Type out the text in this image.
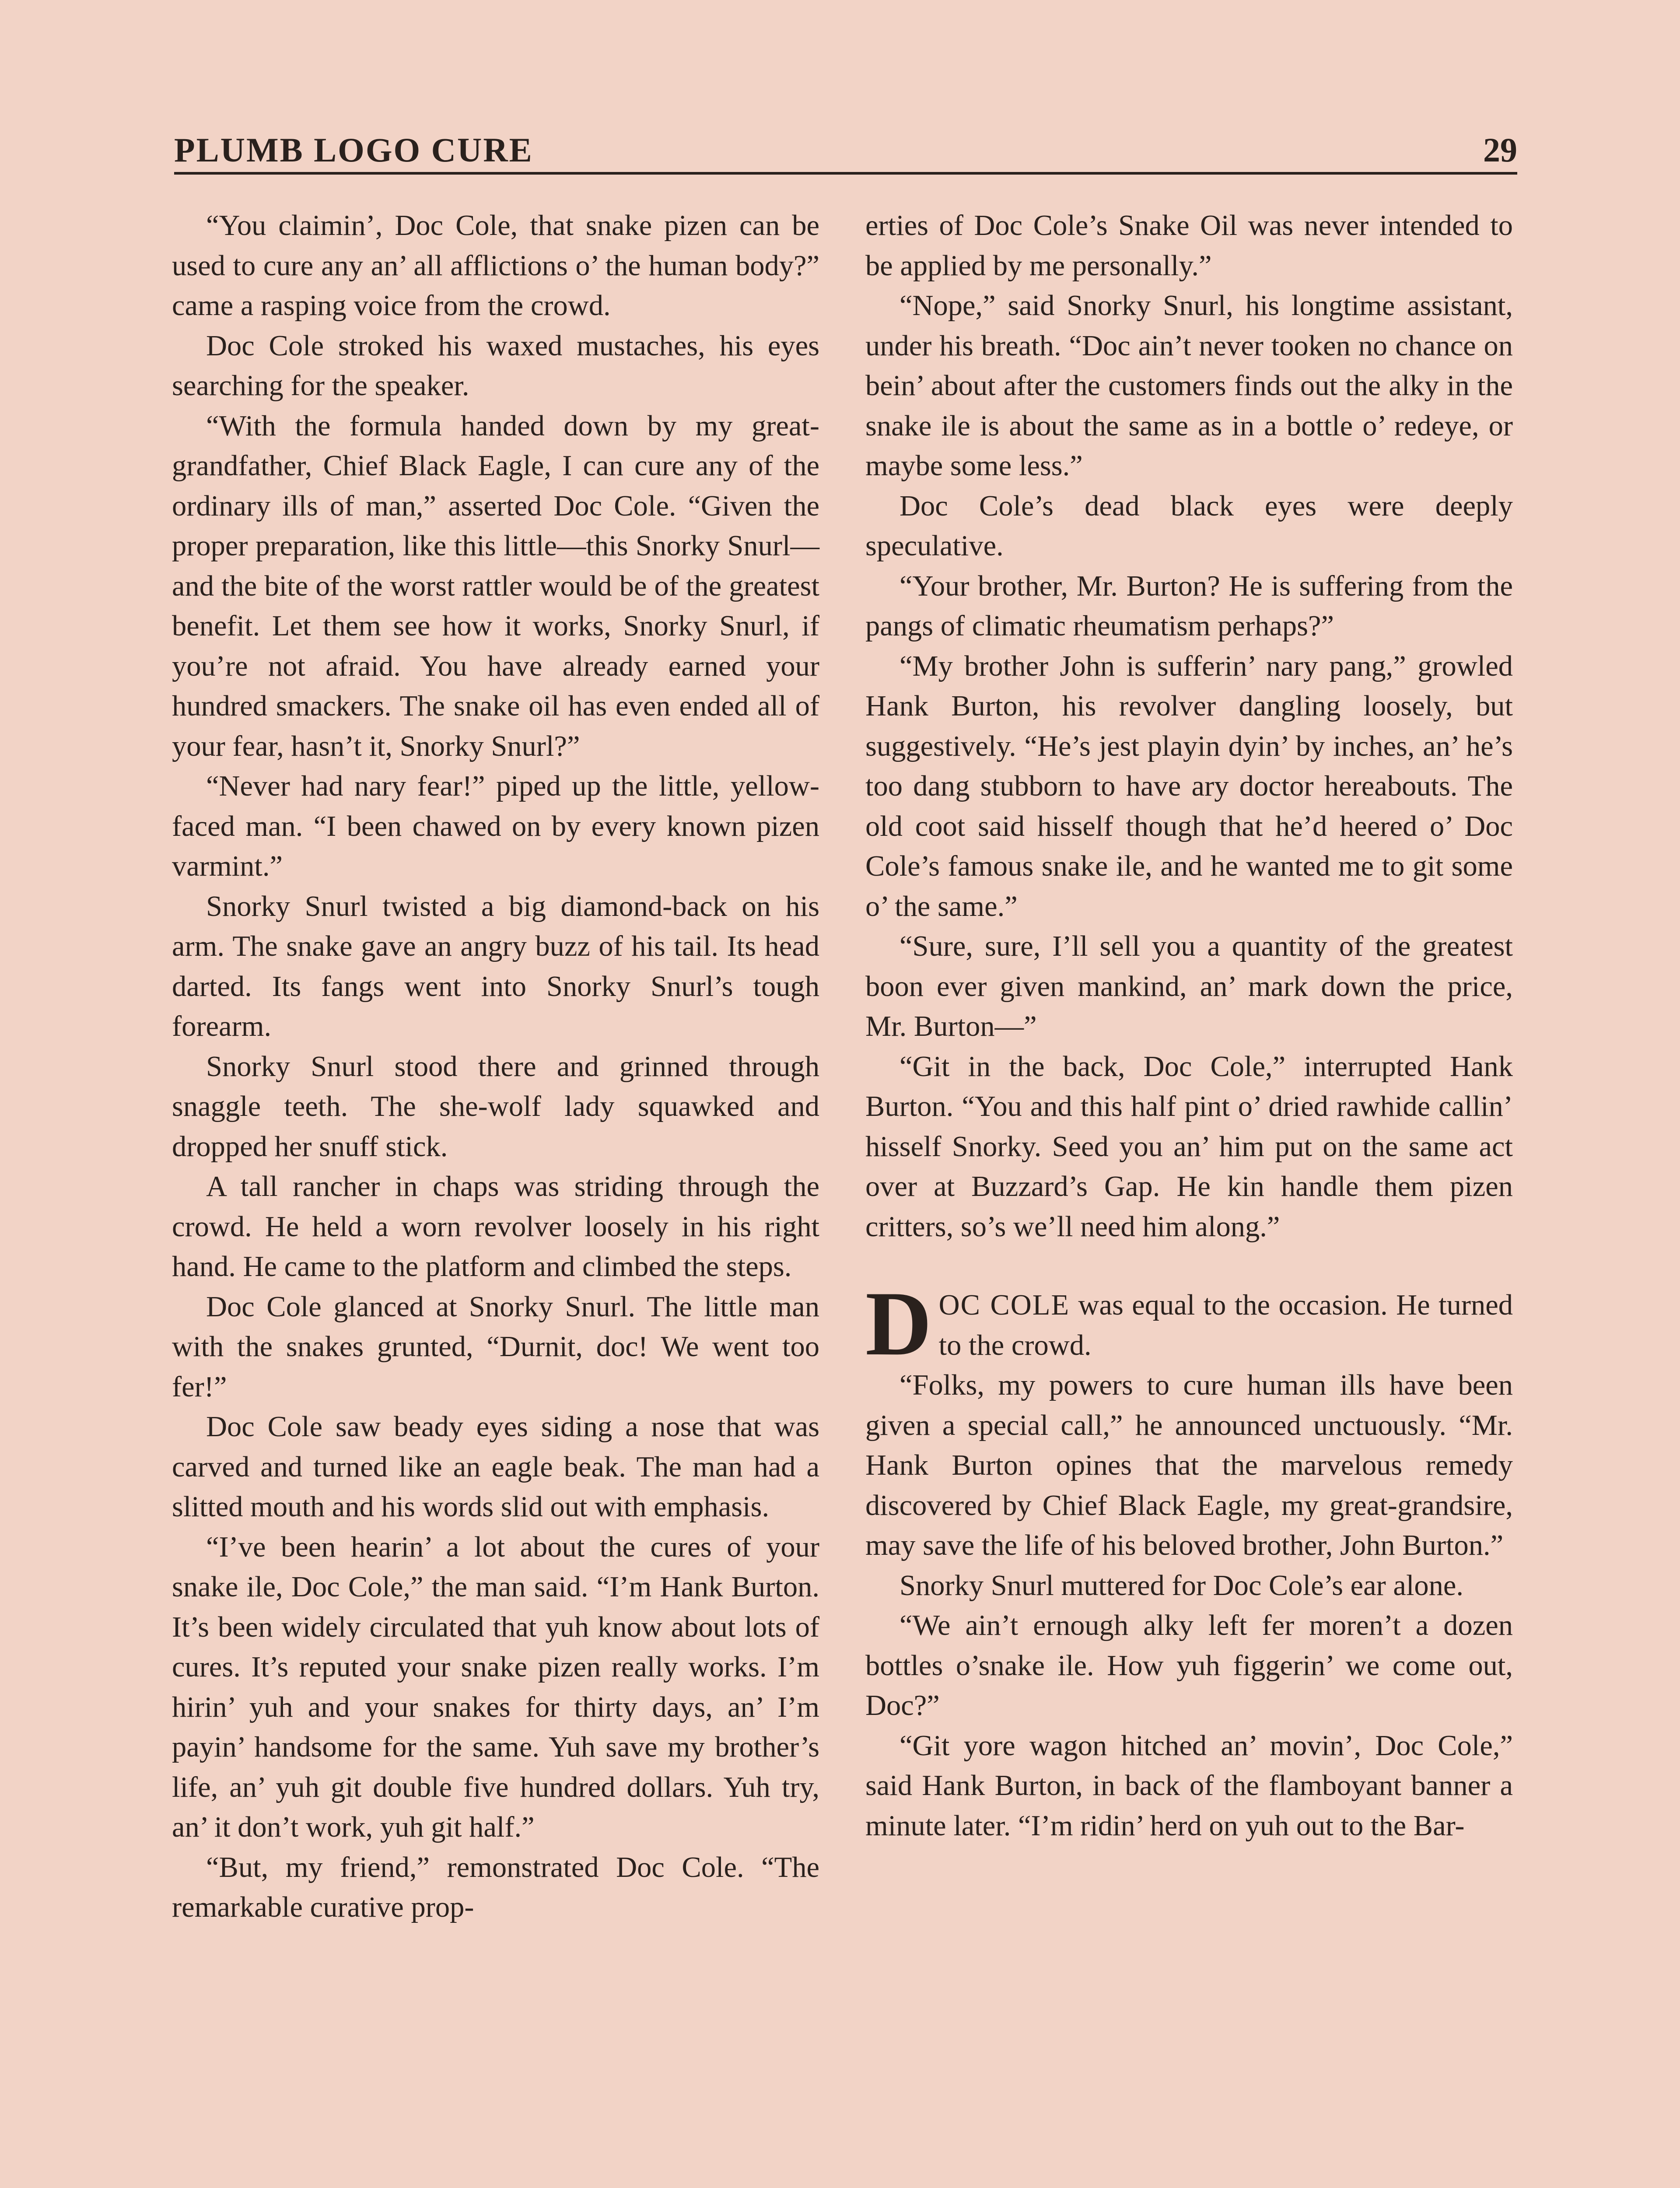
PLUMB LOGO CURE	29

“You claimin’, Doc Cole, that snake pizen can be used to cure any an’ all afflictions o’ the human body?” came a rasping voice from the crowd.

Doc Cole stroked his waxed mustaches, his eyes searching for the speaker.

“With the formula handed down by my great-grandfather, Chief Black Eagle, I can cure any of the ordinary ills of man,” asserted Doc Cole. “Given the proper preparation, like this little—this Snorky Snurl—and the bite of the worst rattler would be of the greatest benefit. Let them see how it works, Snorky Snurl, if you’re not afraid. You have already earned your hundred smackers. The snake oil has even ended all of your fear, hasn’t it, Snorky Snurl?”

“Never had nary fear!” piped up the little, yellow-faced man. “I been chawed on by every known pizen varmint.”

Snorky Snurl twisted a big diamond-back on his arm. The snake gave an angry buzz of his tail. Its head darted. Its fangs went into Snorky Snurl’s tough forearm.

Snorky Snurl stood there and grinned through snaggle teeth. The she-wolf lady squawked and dropped her snuff stick.

A tall rancher in chaps was striding through the crowd. He held a worn revolver loosely in his right hand. He came to the platform and climbed the steps.

Doc Cole glanced at Snorky Snurl. The little man with the snakes grunted, “Durnit, doc! We went too fer!”

Doc Cole saw beady eyes siding a nose that was carved and turned like an eagle beak. The man had a slitted mouth and his words slid out with emphasis.

“I’ve been hearin’ a lot about the cures of your snake ile, Doc Cole,” the man said. “I’m Hank Burton. It’s been widely circulated that yuh know about lots of cures. It’s reputed your snake pizen really works. I’m hirin’ yuh and your snakes for thirty days, an’ I’m payin’ handsome for the same. Yuh save my brother’s life, an’ yuh git double five hundred dollars. Yuh try, an’ it don’t work, yuh git half.”

“But, my friend,” remonstrated Doc Cole. “The remarkable curative prop-

erties of Doc Cole’s Snake Oil was never intended to be applied by me personally.”

“Nope,” said Snorky Snurl, his longtime assistant, under his breath. “Doc ain’t never tooken no chance on bein’ about after the customers finds out the alky in the snake ile is about the same as in a bottle o’ redeye, or maybe some less.”

Doc Cole’s dead black eyes were deeply speculative.

“Your brother, Mr. Burton? He is suffering from the pangs of climatic rheumatism perhaps?”

“My brother John is sufferin’ nary pang,” growled Hank Burton, his revolver dangling loosely, but suggestively. “He’s jest playin dyin’ by inches, an’ he’s too dang stubborn to have ary doctor hereabouts. The old coot said hisself though that he’d heered o’ Doc Cole’s famous snake ile, and he wanted me to git some o’ the same.”

“Sure, sure, I’ll sell you a quantity of the greatest boon ever given mankind, an’ mark down the price, Mr. Burton—”

“Git in the back, Doc Cole,” interrupted Hank Burton. “You and this half pint o’ dried rawhide callin’ hisself Snorky. Seed you an’ him put on the same act over at Buzzard’s Gap. He kin handle them pizen critters, so’s we’ll need him along.”

DOC COLE was equal to the occasion. He turned to the crowd.

“Folks, my powers to cure human ills have been given a special call,” he announced unctuously. “Mr. Hank Burton opines that the marvelous remedy discovered by Chief Black Eagle, my great-grandsire, may save the life of his beloved brother, John Burton.”

Snorky Snurl muttered for Doc Cole’s ear alone.

“We ain’t ernough alky left fer moren’t a dozen bottles o’snake ile. How yuh figgerin’ we come out, Doc?”

“Git yore wagon hitched an’ movin’, Doc Cole,” said Hank Burton, in back of the flamboyant banner a minute later. “I’m ridin’ herd on yuh out to the Bar-
